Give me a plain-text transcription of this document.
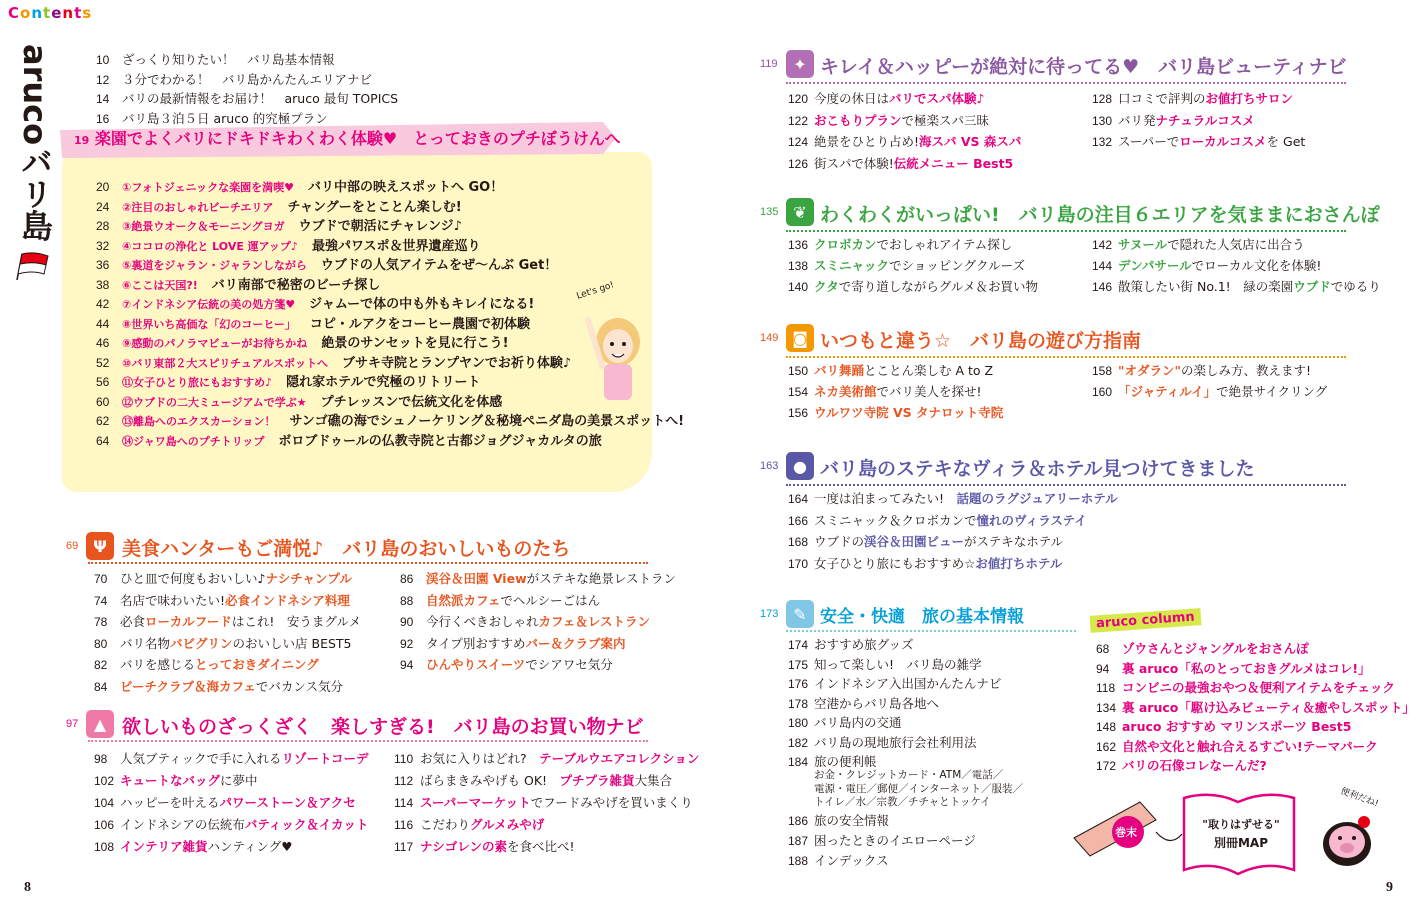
Contents
arucoバリ島	10 ざっくり知りたい！　バリ島基本情報
12 ３分でわかる！　バリ島かんたんエリアナビ
14 バリの最新情報をお届け！　aruco 最旬 TOPICS
16 バリ島３泊５日 aruco 的究極プラン
19 楽園でよくバリにドキドキわくわく体験♥　とっておきのプチぼうけんへ
20 ①フォトジェニックな楽園を満喫♥ バリ中部の映えスポットへ GO！
24 ②注目のおしゃれビーチエリア チャングーをとことん楽しむ!
28 ③絶景ウオーク＆モーニングヨガ ウブドで朝活にチャレンジ♪
32 ④ココロの浄化と LOVE 運アップ♪ 最強パワスポ＆世界遺産巡り
36 ⑤裏道をジャラン・ジャランしながら ウブドの人気アイテムをぜ〜んぶ Get！
38 ⑥ここは天国?! バリ南部で秘密のビーチ探し
42 ⑦インドネシア伝統の美の処方箋♥ ジャムーで体の中も外もキレイになる!
44 ⑧世界いち高価な「幻のコーヒー」 コピ・ルアクをコーヒー農園で初体験
46 ⑨感動のパノラマビューがお待ちかね 絶景のサンセットを見に行こう!
52 ⑩バリ東部２大スピリチュアルスポットへ ブサキ寺院とランプヤンでお祈り体験♪
56 ⑪女子ひとり旅にもおすすめ♪ 隠れ家ホテルで究極のリトリート
60 ⑫ウブドの二大ミュージアムで学ぶ★ プチレッスンで伝統文化を体感
62 ⑬離島へのエクスカーション！ サンゴ礁の海でシュノーケリング＆秘境ペニダ島の美景スポットへ!
64 ⑭ジャワ島へのプチトリップ ボロブドゥールの仏教寺院と古都ジョグジャカルタの旅
Let's go!
Ψ
69 美食ハンターもご満悦♪　バリ島のおいしいものたち
70 ひと皿で何度もおいしい♪ナシチャンプル
74 名店で味わいたい!必食インドネシア料理
78 必食ローカルフードはこれ!　安うまグルメ
80 バリ名物バビグリンのおいしい店 BEST5
82 バリを感じるとっておきダイニング
84 ビーチクラブ＆海カフェでバカンス気分
86 渓谷＆田園 Viewがステキな絶景レストラン
88 自然派カフェでヘルシーごはん
90 今行くべきおしゃれカフェ＆レストラン
92 タイプ別おすすめバー＆クラブ案内
94 ひんやりスイーツでシアワセ気分
▲
97 欲しいものざっくざく　楽しすぎる!　バリ島のお買い物ナビ
98 人気ブティックで手に入れるリゾートコーデ
102 キュートなバッグに夢中
104 ハッピーを叶えるパワーストーン＆アクセ
106 インドネシアの伝統布バティック＆イカット
108 インテリア雑貨ハンティング♥
110 お気に入りはどれ?　テーブルウエアコレクション
112 ばらまきみやげも OK!　プチプラ雑貨大集合
114 スーパーマーケットでフードみやげを買いまくり
116 こだわりグルメみやげ
117 ナシゴレンの素を食べ比べ!
8
119 ✦ キレイ＆ハッピーが絶対に待ってる♥　バリ島ビューティナビ
120 今度の休日はバリでスパ体験♪
122 おこもりプランで極楽スパ三昧
124 絶景をひとり占め!海スパ VS 森スパ
126 街スパで体験!伝統メニュー Best5
128 口コミで評判のお値打ちサロン
130 バリ発ナチュラルコスメ
132 スーパーでローカルコスメを Get
135 ❦ わくわくがいっぱい!　バリ島の注目６エリアを気ままにおさんぽ
136 クロボカンでおしゃれアイテム探し
138 スミニャックでショッピングクルーズ
140 クタで寄り道しながらグルメ＆お買い物
142 サヌールで隠れた人気店に出合う
144 デンパサールでローカル文化を体験!
146 散策したい街 No.1!　緑の楽園ウブドでゆるり
149 ◙ いつもと違う☆　バリ島の遊び方指南
150 バリ舞踊とことん楽しむ A to Z
154 ネカ美術館でバリ美人を探せ!
156 ウルワツ寺院 VS タナロット寺院
158 "オダラン"の楽しみ方、教えます!
160 「ジャティルイ」で絶景サイクリング
163 ● バリ島のステキなヴィラ＆ホテル見つけてきました
164 一度は泊まってみたい!　話題のラグジュアリーホテル
166 スミニャック＆クロボカンで憧れのヴィラステイ
168 ウブドの渓谷＆田園ビューがステキなホテル
170 女子ひとり旅にもおすすめ☆お値打ちホテル
173 ✎ 安全・快適　旅の基本情報
174 おすすめ旅グッズ
175 知って楽しい!　バリ島の雑学
176 インドネシア入出国かんたんナビ
178 空港からバリ島各地へ
180 バリ島内の交通
182 バリ島の現地旅行会社利用法
184 旅の便利帳
お金・クレジットカード・ATM／電話／
電源・電圧／郵便／インターネット／服装／
トイレ／水／宗教／チチャとトッケイ
186 旅の安全情報
187 困ったときのイエローページ
188 インデックス
aruco column
68 ゾウさんとジャングルをおさんぽ
94 裏 aruco「私のとっておきグルメはコレ!」
118 コンビニの最強おやつ＆便利アイテムをチェック
134 裏 aruco「駆け込みビューティ＆癒やしスポット」
148 aruco おすすめ マリンスポーツ Best5
162 自然や文化と触れ合えるすごい!テーマパーク
172 バリの石像コレなーんだ?
巻末
"取りはずせる"
別冊MAP
便利だね!
9
